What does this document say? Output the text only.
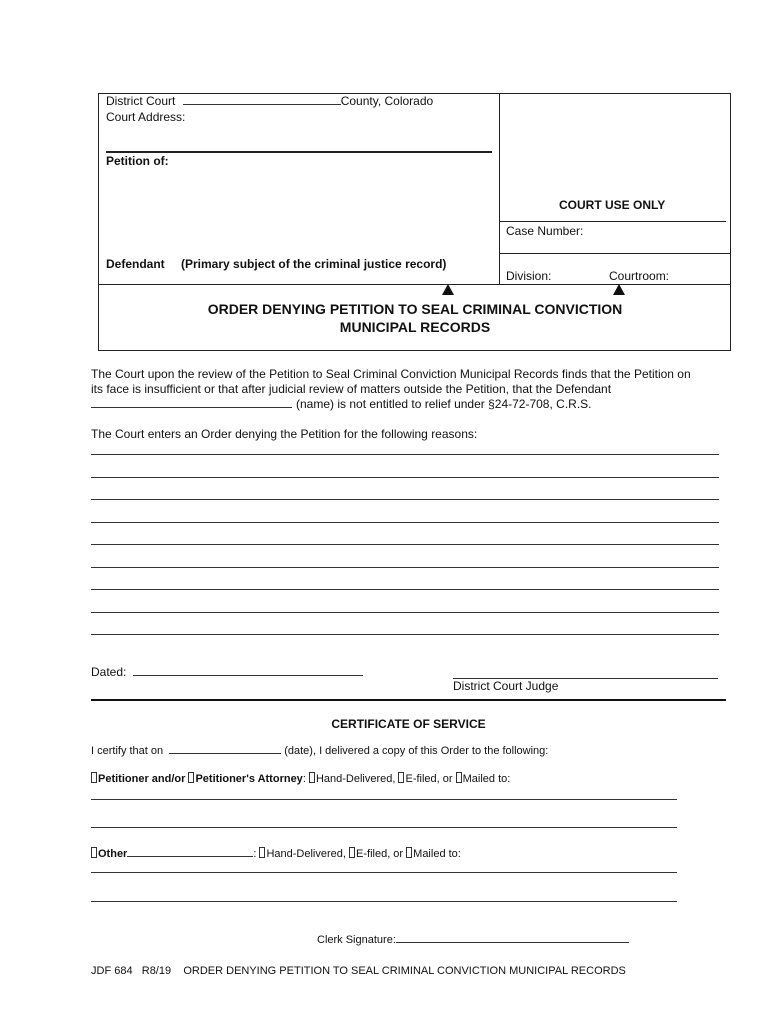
District Court	County, Colorado
Court Address:
Petition of:
Defendant (Primary subject of the criminal justice record)
COURT USE ONLY
Case Number:
Division:	Courtroom:
ORDER DENYING PETITION TO SEAL CRIMINAL CONVICTION
MUNICIPAL RECORDS
The Court upon the review of the Petition to Seal Criminal Conviction Municipal Records finds that the Petition on
its face is insufficient or that after judicial review of matters outside the Petition, that the Defendant
(name) is not entitled to relief under §24-72-708, C.R.S.
The Court enters an Order denying the Petition for the following reasons:
Dated:
District Court Judge
CERTIFICATE OF SERVICE
I certify that on	(date), I delivered a copy of this Order to the following:
Petitioner and/or Petitioner's Attorney: Hand-Delivered, E-filed, or Mailed to:
Other	: Hand-Delivered, E-filed, or Mailed to:
Clerk Signature:
JDF 684 R8/19 ORDER DENYING PETITION TO SEAL CRIMINAL CONVICTION MUNICIPAL RECORDS
